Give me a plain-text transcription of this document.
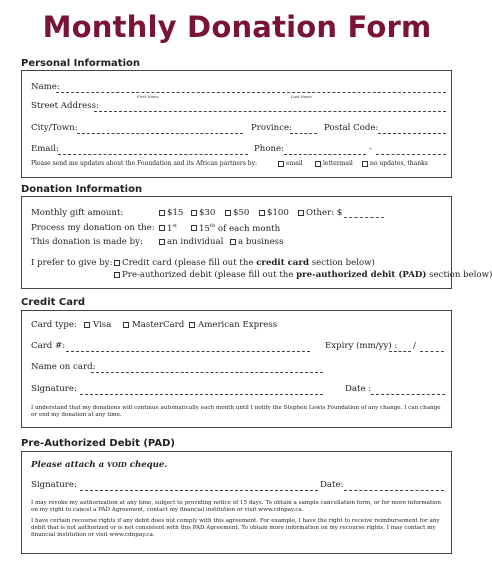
Monthly Donation Form
Personal Information
Name:
First Name	Last Name
Street Address:
City/Town:	Province:	Postal Code:
Email:	Phone:	-
Please send me updates about the Foundation and its African partners by:	email	lettermail	no updates, thanks
Donation Information
Monthly gift amount:	$15 $30 $50 $100 Other: $
Process my donation on the: 1st	15th of each month
This donation is made by:	an individual a business
I prefer to give by: Credit card (please fill out the credit card section below)
Pre-authorized debit (please fill out the pre-authorized debit (PAD) section below)
Credit Card
Card type: Visa MasterCard American Express
Card #:	Expiry (mm/yy) : /
Name on card:
Signature:	Date :
I understand that my donations will continue automatically each month until I notify the Stephen Lewis Foundation of any change. I can change or end my donation at any time.
Pre-Authorized Debit (PAD)
Please attach a VOID cheque.
Signature:	Date:
I may revoke my authorization at any time, subject to providing notice of 15 days. To obtain a sample cancellation form, or for more information on my right to cancel a PAD Agreement, contact my financial institution or visit www.cdnpay.ca.
I have certain recourse rights if any debit does not comply with this agreement. For example, I have the right to receive reimbursement for any debit that is not authorized or is not consistent with this PAD Agreement. To obtain more information on my recourse rights, I may contact my financial institution or visit www.cdnpay.ca.
